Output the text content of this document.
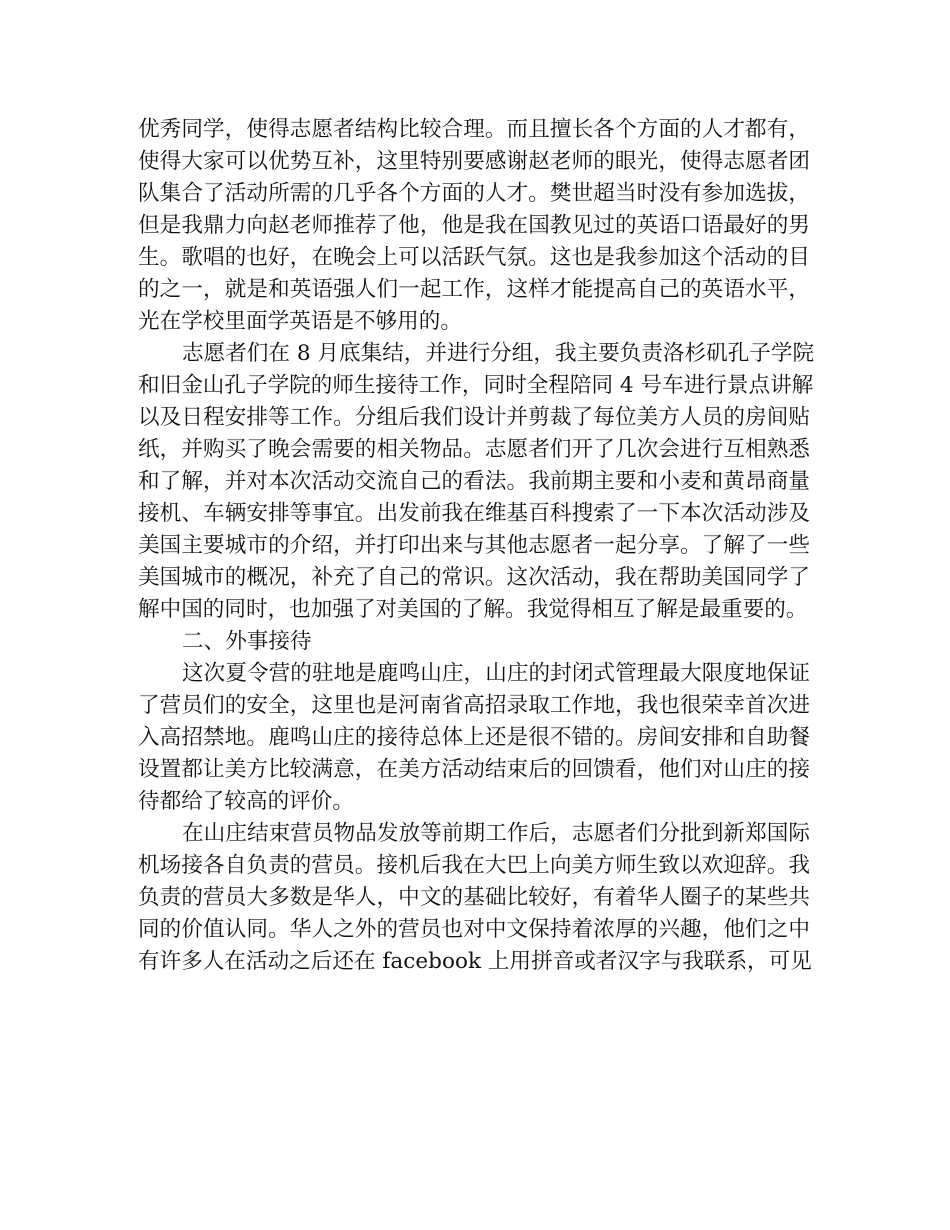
优秀同学，使得志愿者结构比较合理。而且擅长各个方面的人才都有，
使得大家可以优势互补，这里特别要感谢赵老师的眼光，使得志愿者团
队集合了活动所需的几乎各个方面的人才。樊世超当时没有参加选拔，
但是我鼎力向赵老师推荐了他，他是我在国教见过的英语口语最好的男
生。歌唱的也好，在晚会上可以活跃气氛。这也是我参加这个活动的目
的之一，就是和英语强人们一起工作，这样才能提高自己的英语水平，
光在学校里面学英语是不够用的。
志愿者们在 8 月底集结，并进行分组，我主要负责洛杉矶孔子学院
和旧金山孔子学院的师生接待工作，同时全程陪同 4 号车进行景点讲解
以及日程安排等工作。分组后我们设计并剪裁了每位美方人员的房间贴
纸，并购买了晚会需要的相关物品。志愿者们开了几次会进行互相熟悉
和了解，并对本次活动交流自己的看法。我前期主要和小麦和黄昂商量
接机、车辆安排等事宜。出发前我在维基百科搜索了一下本次活动涉及
美国主要城市的介绍，并打印出来与其他志愿者一起分享。了解了一些
美国城市的概况，补充了自己的常识。这次活动，我在帮助美国同学了
解中国的同时，也加强了对美国的了解。我觉得相互了解是最重要的。
二、外事接待
这次夏令营的驻地是鹿鸣山庄，山庄的封闭式管理最大限度地保证
了营员们的安全，这里也是河南省高招录取工作地，我也很荣幸首次进
入高招禁地。鹿鸣山庄的接待总体上还是很不错的。房间安排和自助餐
设置都让美方比较满意，在美方活动结束后的回馈看，他们对山庄的接
待都给了较高的评价。
在山庄结束营员物品发放等前期工作后，志愿者们分批到新郑国际
机场接各自负责的营员。接机后我在大巴上向美方师生致以欢迎辞。我
负责的营员大多数是华人，中文的基础比较好，有着华人圈子的某些共
同的价值认同。华人之外的营员也对中文保持着浓厚的兴趣，他们之中
有许多人在活动之后还在 facebook 上用拼音或者汉字与我联系，可见
